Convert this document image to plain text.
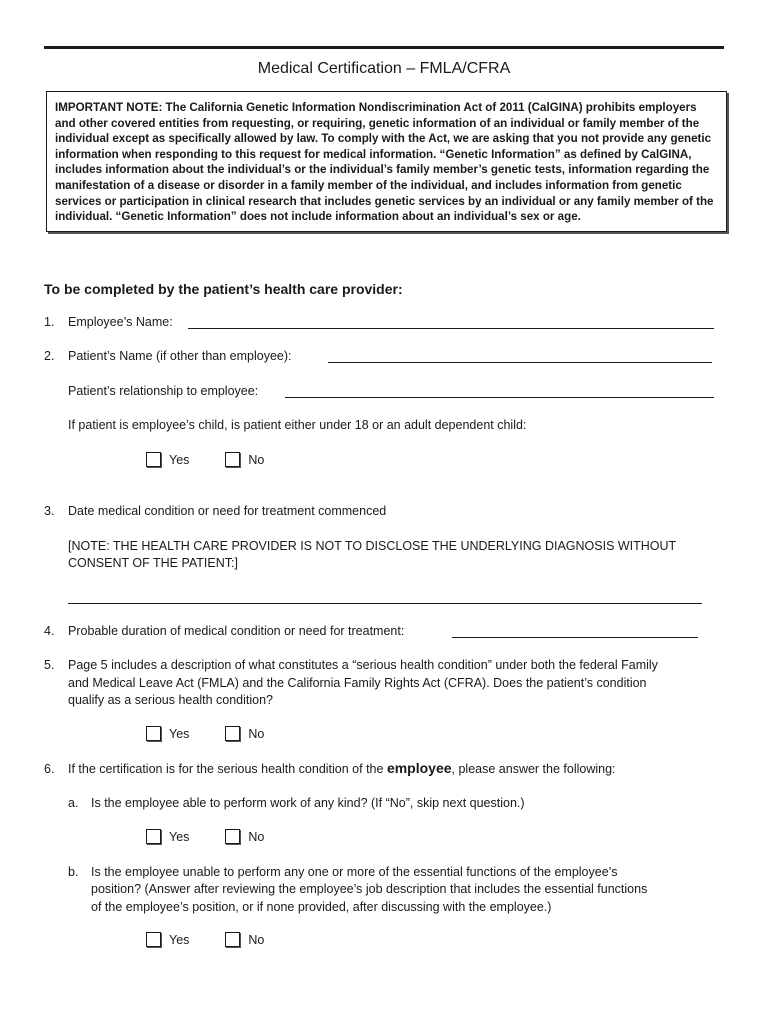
Medical Certification – FMLA/CFRA
IMPORTANT NOTE: The California Genetic Information Nondiscrimination Act of 2011 (CalGINA) prohibits employers and other covered entities from requesting, or requiring, genetic information of an individual or family member of the individual except as specifically allowed by law. To comply with the Act, we are asking that you not provide any genetic information when responding to this request for medical information. “Genetic Information” as defined by CalGINA, includes information about the individual’s or the individual’s family member’s genetic tests, information regarding the manifestation of a disease or disorder in a family member of the individual, and includes information from genetic services or participation in clinical research that includes genetic services by an individual or any family member of the individual. “Genetic Information” does not include information about an individual’s sex or age.
To be completed by the patient’s health care provider:
1. Employee’s Name:
2. Patient’s Name (if other than employee):
Patient’s relationship to employee:
If patient is employee’s child, is patient either under 18 or an adult dependent child:
Yes	No
3. Date medical condition or need for treatment commenced
[NOTE: THE HEALTH CARE PROVIDER IS NOT TO DISCLOSE THE UNDERLYING DIAGNOSIS WITHOUT
CONSENT OF THE PATIENT:]
4. Probable duration of medical condition or need for treatment:
5. Page 5 includes a description of what constitutes a “serious health condition” under both the federal Family
and Medical Leave Act (FMLA) and the California Family Rights Act (CFRA). Does the patient’s condition
qualify as a serious health condition?
Yes	No
6. If the certification is for the serious health condition of the employee, please answer the following:
a. Is the employee able to perform work of any kind? (If “No”, skip next question.)
Yes	No
b. Is the employee unable to perform any one or more of the essential functions of the employee’s
position? (Answer after reviewing the employee’s job description that includes the essential functions
of the employee’s position, or if none provided, after discussing with the employee.)
Yes	No
